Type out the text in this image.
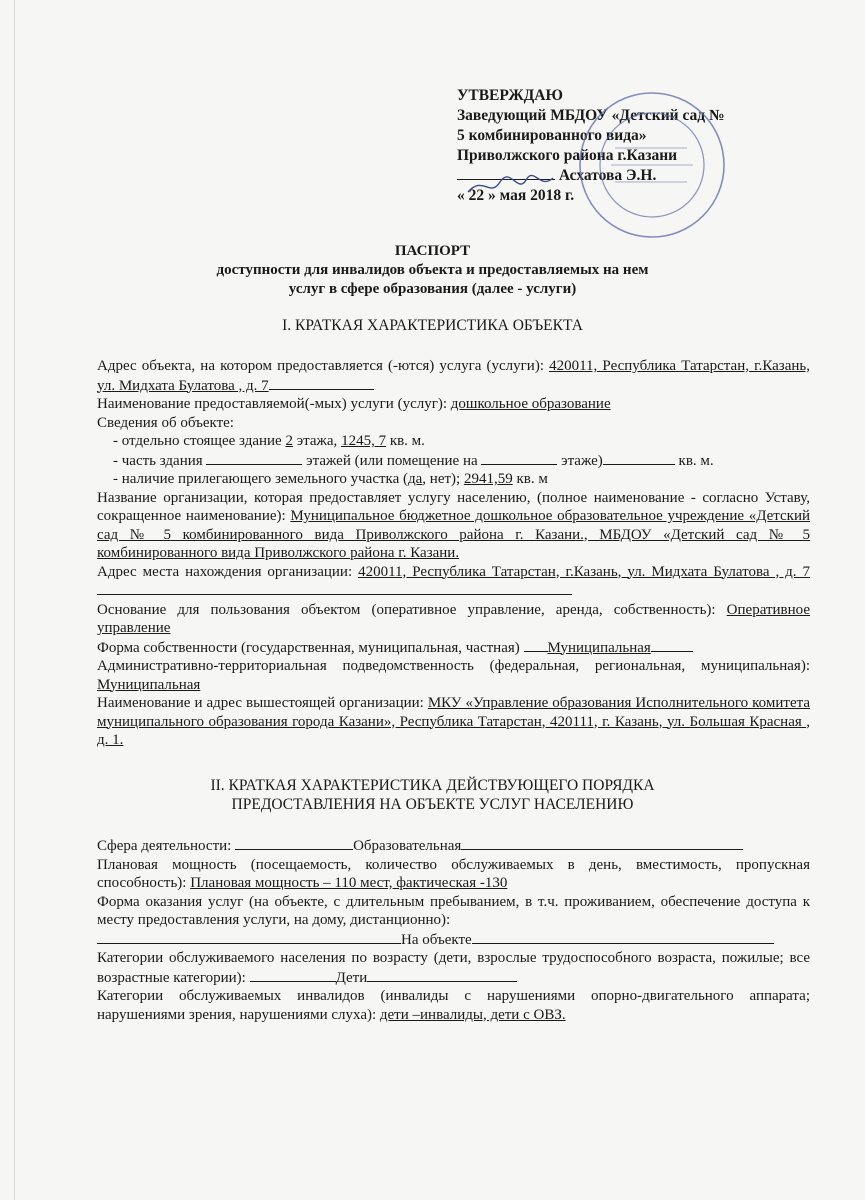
УТВЕРЖДАЮ
Заведующий МБДОУ «Детский сад №
5 комбинированного вида»
Приволжского района г.Казани
Асхатова Э.Н.
« 22 » мая 2018 г.
ПАСПОРТ
доступности для инвалидов объекта и предоставляемых на нем
услуг в сфере образования (далее - услуги)
I. КРАТКАЯ ХАРАКТЕРИСТИКА ОБЪЕКТА

Адрес объекта, на котором предоставляется (-ются) услуга (услуги): 420011, Республика Татарстан, г.Казань, ул. Мидхата Булатова , д. 7

Наименование предоставляемой(-мых) услуги (услуг): дошкольное образование

Сведения об объекте:

- отдельно стоящее здание 2 этажа, 1245, 7 кв. м.

- часть здания	этажей (или помещение на	этаже)	кв. м.

- наличие прилегающего земельного участка (да, нет); 2941,59 кв. м

Название организации, которая предоставляет услугу населению, (полное наименование - согласно Уставу, сокращенное наименование): Муниципальное бюджетное дошкольное образовательное учреждение «Детский сад № 5 комбинированного вида Приволжского района г. Казани., МБДОУ «Детский сад № 5 комбинированного вида Приволжского района г. Казани.

Адрес места нахождения организации: 420011, Республика Татарстан, г.Казань, ул. Мидхата Булатова , д. 7

Основание для пользования объектом (оперативное управление, аренда, собственность): Оперативное управление

Форма собственности (государственная, муниципальная, частная) Муниципальная

Административно-территориальная подведомственность (федеральная, региональная, муниципальная): Муниципальная

Наименование и адрес вышестоящей организации: МКУ «Управление образования Исполнительного комитета муниципального образования города Казани», Республика Татарстан, 420111, г. Казань, ул. Большая Красная , д. 1.

II. КРАТКАЯ ХАРАКТЕРИСТИКА ДЕЙСТВУЮЩЕГО ПОРЯДКА
ПРЕДОСТАВЛЕНИЯ НА ОБЪЕКТЕ УСЛУГ НАСЕЛЕНИЮ

Сфера деятельности:	Образовательная

Плановая мощность (посещаемость, количество обслуживаемых в день, вместимость, пропускная способность): Плановая мощность – 110 мест, фактическая -130

Форма оказания услуг (на объекте, с длительным пребыванием, в т.ч. проживанием, обеспечение доступа к месту предоставления услуги, на дому, дистанционно):

На объекте

Категории обслуживаемого населения по возрасту (дети, взрослые трудоспособного возраста, пожилые; все возрастные категории):	Дети

Категории обслуживаемых инвалидов (инвалиды с нарушениями опорно-двигательного аппарата; нарушениями зрения, нарушениями слуха): дети –инвалиды, дети с ОВЗ.
